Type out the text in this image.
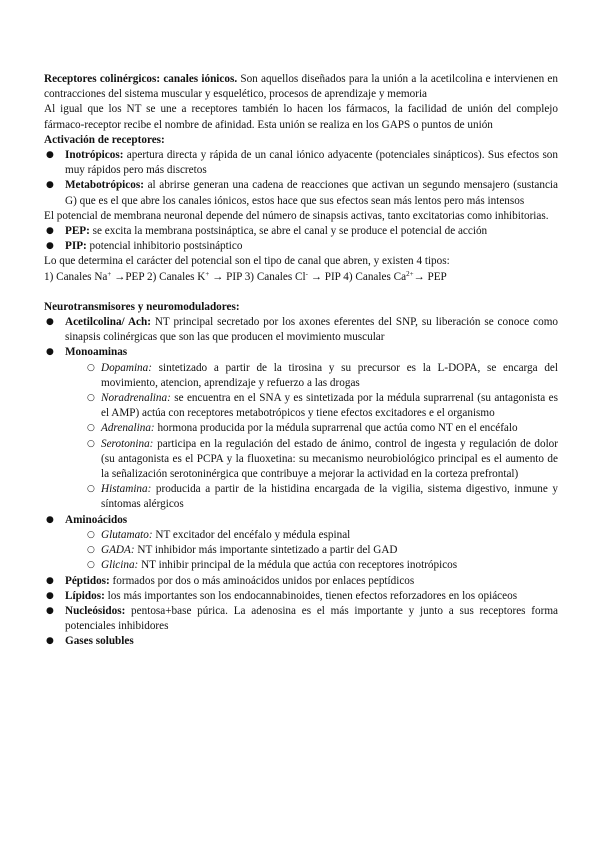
Receptores colinérgicos: canales iónicos. Son aquellos diseñados para la unión a la acetilcolina e intervienen en contracciones del sistema muscular y esquelético, procesos de aprendizaje y memoria

Al igual que los NT se une a receptores también lo hacen los fármacos, la facilidad de unión del complejo fármaco-receptor recibe el nombre de afinidad. Esta unión se realiza en los GAPS o puntos de unión

Activación de receptores:

● Inotrópicos: apertura directa y rápida de un canal iónico adyacente (potenciales sinápticos). Sus efectos son muy rápidos pero más discretos
● Metabotrópicos: al abrirse generan una cadena de reacciones que activan un segundo mensajero (sustancia G) que es el que abre los canales iónicos, estos hace que sus efectos sean más lentos pero más intensos

El potencial de membrana neuronal depende del número de sinapsis activas, tanto excitatorias como inhibitorias.

● PEP: se excita la membrana postsináptica, se abre el canal y se produce el potencial de acción
● PIP: potencial inhibitorio postsináptico

Lo que determina el carácter del potencial son el tipo de canal que abren, y existen 4 tipos:

1) Canales Na+ →PEP 2) Canales K+ → PIP 3) Canales Cl- → PIP 4) Canales $Ca^{2+}\to$ PEP

Neurotransmisores y neuromoduladores:

● Acetilcolina/ Ach: NT principal secretado por los axones eferentes del SNP, su liberación se conoce como sinapsis colinérgicas que son las que producen el movimiento muscular
● Monoaminas
○ Dopamina: sintetizado a partir de la tirosina y su precursor es la L-DOPA, se encarga del movimiento, atencion, aprendizaje y refuerzo a las drogas
○ Noradrenalina: se encuentra en el SNA y es sintetizada por la médula suprarrenal (su antagonista es el AMP) actúa con receptores metabotrópicos y tiene efectos excitadores e el organismo
○ Adrenalina: hormona producida por la médula suprarrenal que actúa como NT en el encéfalo
○ Serotonina: participa en la regulación del estado de ánimo, control de ingesta y regulación de dolor (su antagonista es el PCPA y la fluoxetina: su mecanismo neurobiológico principal es el aumento de la señalización serotoninérgica que contribuye a mejorar la actividad en la corteza prefrontal)
○ Histamina: producida a partir de la histidina encargada de la vigilia, sistema digestivo, inmune y síntomas alérgicos
● Aminoácidos
○ Glutamato: NT excitador del encéfalo y médula espinal
○ GADA: NT inhibidor más importante sintetizado a partir del GAD
○ Glicina: NT inhibir principal de la médula que actúa con receptores inotrópicos
● Péptidos: formados por dos o más aminoácidos unidos por enlaces peptídicos
● Lípidos: los más importantes son los endocannabinoides, tienen efectos reforzadores en los opiáceos
● Nucleósidos: pentosa+base púrica. La adenosina es el más importante y junto a sus receptores forma potenciales inhibidores
● Gases solubles
